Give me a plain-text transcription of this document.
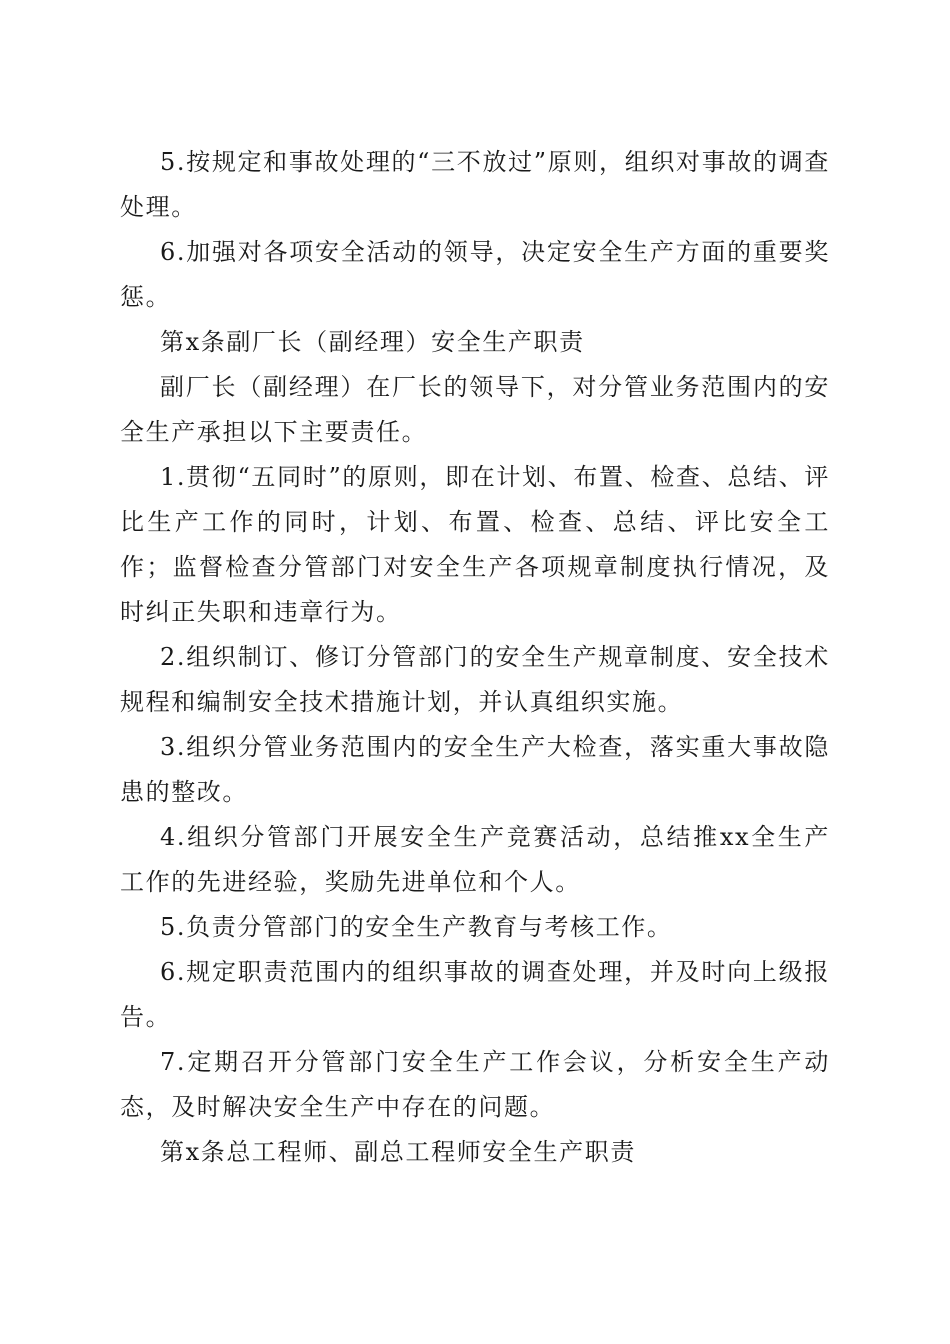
5.按规定和事故处理的“三不放过”原则，组织对事故的调查处理。

6.加强对各项安全活动的领导，决定安全生产方面的重要奖惩。

第x条副厂长（副经理）安全生产职责

副厂长（副经理）在厂长的领导下，对分管业务范围内的安全生产承担以下主要责任。

1.贯彻“五同时”的原则，即在计划、布置、检查、总结、评比生产工作的同时，计划、布置、检查、总结、评比安全工作；监督检查分管部门对安全生产各项规章制度执行情况，及时纠正失职和违章行为。

2.组织制订、修订分管部门的安全生产规章制度、安全技术规程和编制安全技术措施计划，并认真组织实施。

3.组织分管业务范围内的安全生产大检查，落实重大事故隐患的整改。

4.组织分管部门开展安全生产竞赛活动，总结推xx全生产工作的先进经验，奖励先进单位和个人。

5.负责分管部门的安全生产教育与考核工作。

6.规定职责范围内的组织事故的调查处理，并及时向上级报告。

7.定期召开分管部门安全生产工作会议，分析安全生产动态，及时解决安全生产中存在的问题。

第x条总工程师、副总工程师安全生产职责
